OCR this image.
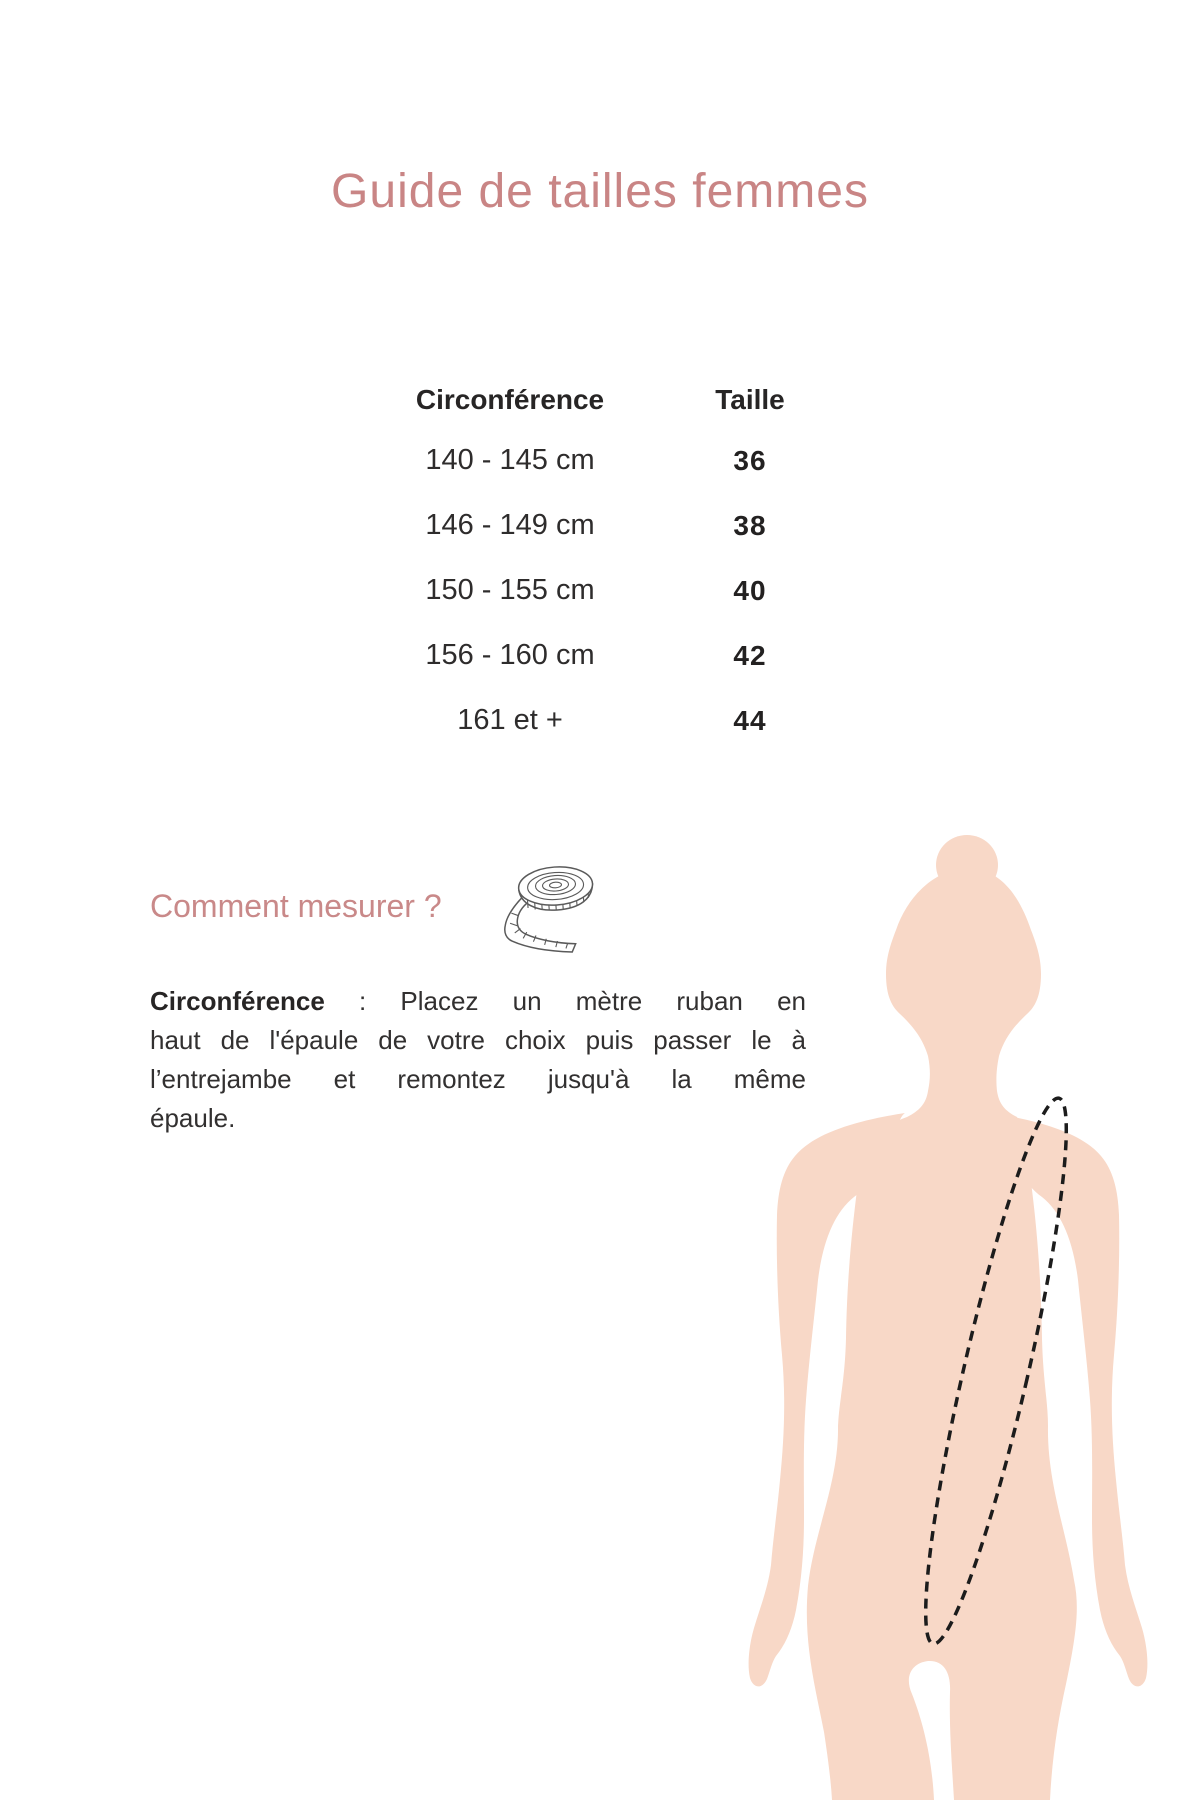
Guide de tailles femmes
Circonférence	Taille
140 - 145 cm	36
146 - 149 cm	38
150 - 155 cm	40
156 - 160 cm	42
161 et +	44
Comment mesurer ?
Circonférence : Placez un mètre ruban en
haut de l'épaule de votre choix puis passer le à
l’entrejambe et remontez jusqu'à la même
épaule.
